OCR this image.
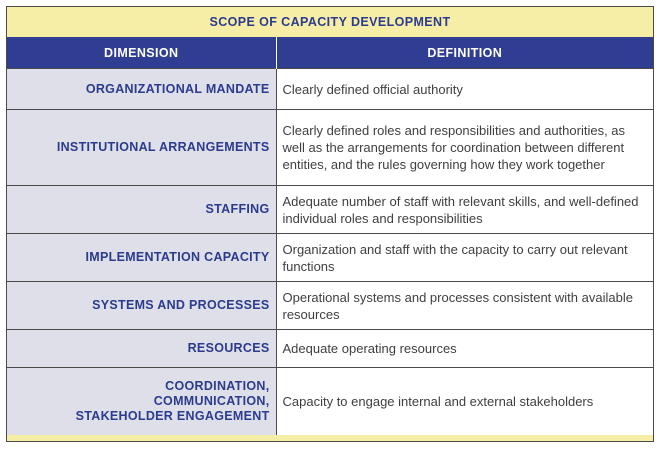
SCOPE OF CAPACITY DEVELOPMENT
DIMENSION	DEFINITION

ORGANIZATIONAL MANDATE	Clearly defined official authority

INSTITUTIONAL ARRANGEMENTS	Clearly defined roles and responsibilities and authorities, as well as the arrangements for coordination between different entities, and the rules governing how they work together

STAFFING	Adequate number of staff with relevant skills, and well-defined individual roles and responsibilities

IMPLEMENTATION CAPACITY	Organization and staff with the capacity to carry out relevant functions

SYSTEMS AND PROCESSES	Operational systems and processes consistent with available resources

RESOURCES	Adequate operating resources

COORDINATION,
COMMUNICATION,
STAKEHOLDER ENGAGEMENT	Capacity to engage internal and external stakeholders
